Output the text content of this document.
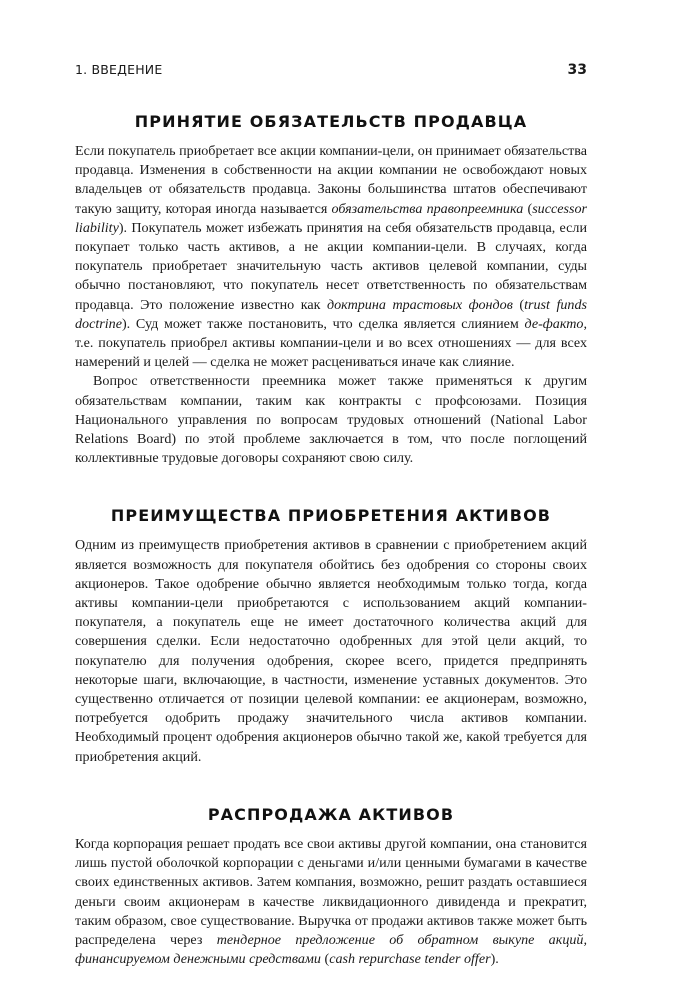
1. ВВЕДЕНИЕ	33
ПРИНЯТИЕ ОБЯЗАТЕЛЬСТВ ПРОДАВЦА

Если покупатель приобретает все акции компании-цели, он принимает обязательства продавца. Изменения в собственности на акции компании не освобождают новых владельцев от обязательств продавца. Законы большинства штатов обеспечивают такую защиту, которая иногда называется обязательства правопреемника (successor liability). Покупатель может избежать принятия на себя обязательств продавца, если покупает только часть активов, а не акции компании-цели. В случаях, когда покупатель приобретает значительную часть активов целевой компании, суды обычно постановляют, что покупатель несет ответственность по обязательствам продавца. Это положение известно как доктрина трастовых фондов (trust funds doctrine). Суд может также постановить, что сделка является слиянием де-факто, т.е. покупатель приобрел активы компании-цели и во всех отношениях — для всех намерений и целей — сделка не может расцениваться иначе как слияние.

Вопрос ответственности преемника может также применяться к другим обязательствам компании, таким как контракты с профсоюзами. Позиция Национального управления по вопросам трудовых отношений (National Labor Relations Board) по этой проблеме заключается в том, что после поглощений коллективные трудовые договоры сохраняют свою силу.

ПРЕИМУЩЕСТВА ПРИОБРЕТЕНИЯ АКТИВОВ

Одним из преимуществ приобретения активов в сравнении с приобретением акций является возможность для покупателя обойтись без одобрения со стороны своих акционеров. Такое одобрение обычно является необходимым только тогда, когда активы компании-цели приобретаются с использованием акций компании-покупателя, а покупатель еще не имеет достаточного количества акций для совершения сделки. Если недостаточно одобренных для этой цели акций, то покупателю для получения одобрения, скорее всего, придется предпринять некоторые шаги, включающие, в частности, изменение уставных документов. Это существенно отличается от позиции целевой компании: ее акционерам, возможно, потребуется одобрить продажу значительного числа активов компании. Необходимый процент одобрения акционеров обычно такой же, какой требуется для приобретения акций.

РАСПРОДАЖА АКТИВОВ

Когда корпорация решает продать все свои активы другой компании, она становится лишь пустой оболочкой корпорации с деньгами и/или ценными бумагами в качестве своих единственных активов. Затем компания, возможно, решит раздать оставшиеся деньги своим акционерам в качестве ликвидационного дивиденда и прекратит, таким образом, свое существование. Выручка от продажи активов также может быть распределена через тендерное предложение об обратном выкупе акций, финансируемом денежными средствами (cash repurchase tender offer).
